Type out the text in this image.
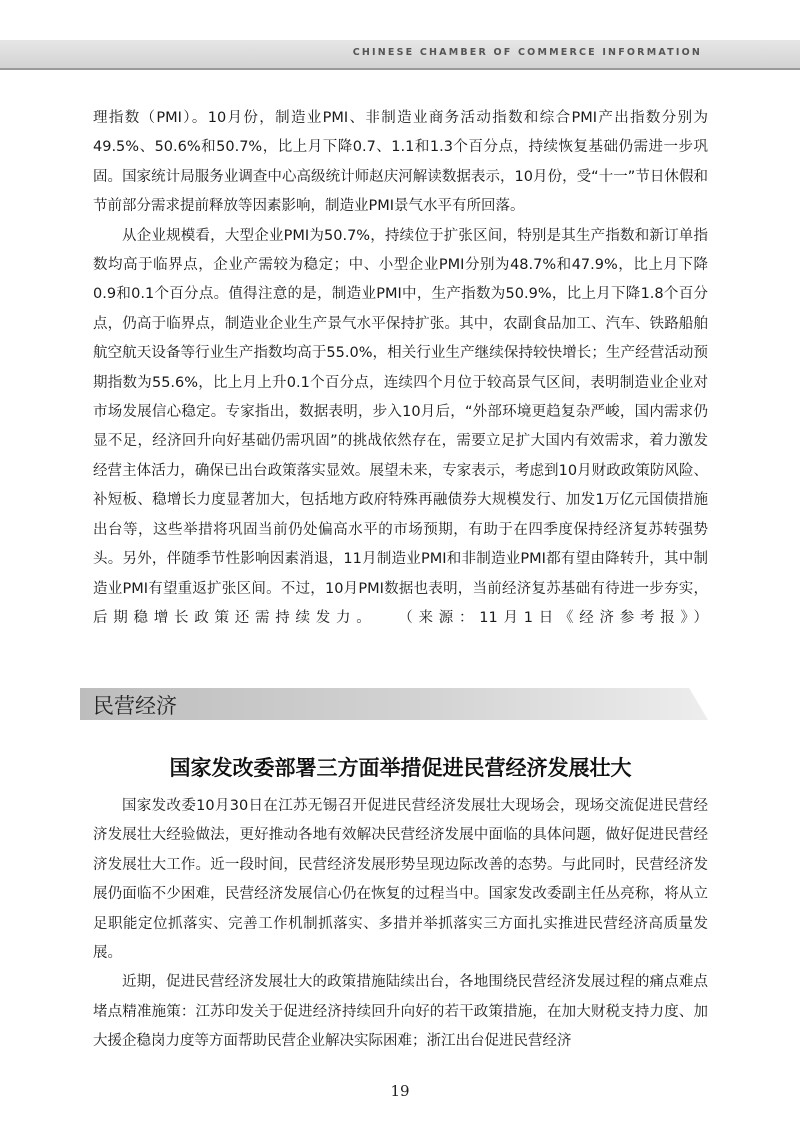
CHINESE CHAMBER OF COMMERCE INFORMATION

理指数（PMI）。10月份，制造业PMI、非制造业商务活动指数和综合PMI产出指数分别为49.5%、50.6%和50.7%，比上月下降0.7、1.1和1.3个百分点，持续恢复基础仍需进一步巩固。国家统计局服务业调查中心高级统计师赵庆河解读数据表示，10月份，受“十一”节日休假和节前部分需求提前释放等因素影响，制造业PMI景气水平有所回落。

从企业规模看，大型企业PMI为50.7%，持续位于扩张区间，特别是其生产指数和新订单指数均高于临界点，企业产需较为稳定；中、小型企业PMI分别为48.7%和47.9%，比上月下降0.9和0.1个百分点。值得注意的是，制造业PMI中，生产指数为50.9%，比上月下降1.8个百分点，仍高于临界点，制造业企业生产景气水平保持扩张。其中，农副食品加工、汽车、铁路船舶航空航天设备等行业生产指数均高于55.0%，相关行业生产继续保持较快增长；生产经营活动预期指数为55.6%，比上月上升0.1个百分点，连续四个月位于较高景气区间，表明制造业企业对市场发展信心稳定。专家指出，数据表明，步入10月后，“外部环境更趋复杂严峻，国内需求仍显不足，经济回升向好基础仍需巩固”的挑战依然存在，需要立足扩大国内有效需求，着力激发经营主体活力，确保已出台政策落实显效。展望未来，专家表示，考虑到10月财政政策防风险、补短板、稳增长力度显著加大，包括地方政府特殊再融债券大规模发行、加发1万亿元国债措施出台等，这些举措将巩固当前仍处偏高水平的市场预期，有助于在四季度保持经济复苏转强势头。另外，伴随季节性影响因素消退，11月制造业PMI和非制造业PMI都有望由降转升，其中制造业PMI有望重返扩张区间。不过，10月PMI数据也表明，当前经济复苏基础有待进一步夯实，后期稳增长政策还需持续发力。 （来源：11月1日《经济参考报》）

民营经济
国家发改委部署三方面举措促进民营经济发展壮大

国家发改委10月30日在江苏无锡召开促进民营经济发展壮大现场会，现场交流促进民营经济发展壮大经验做法，更好推动各地有效解决民营经济发展中面临的具体问题，做好促进民营经济发展壮大工作。近一段时间，民营经济发展形势呈现边际改善的态势。与此同时，民营经济发展仍面临不少困难，民营经济发展信心仍在恢复的过程当中。国家发改委副主任丛亮称，将从立足职能定位抓落实、完善工作机制抓落实、多措并举抓落实三方面扎实推进民营经济高质量发展。

近期，促进民营经济发展壮大的政策措施陆续出台，各地围绕民营经济发展过程的痛点难点堵点精准施策：江苏印发关于促进经济持续回升向好的若干政策措施，在加大财税支持力度、加大援企稳岗力度等方面帮助民营企业解决实际困难；浙江出台促进民营经济

19
